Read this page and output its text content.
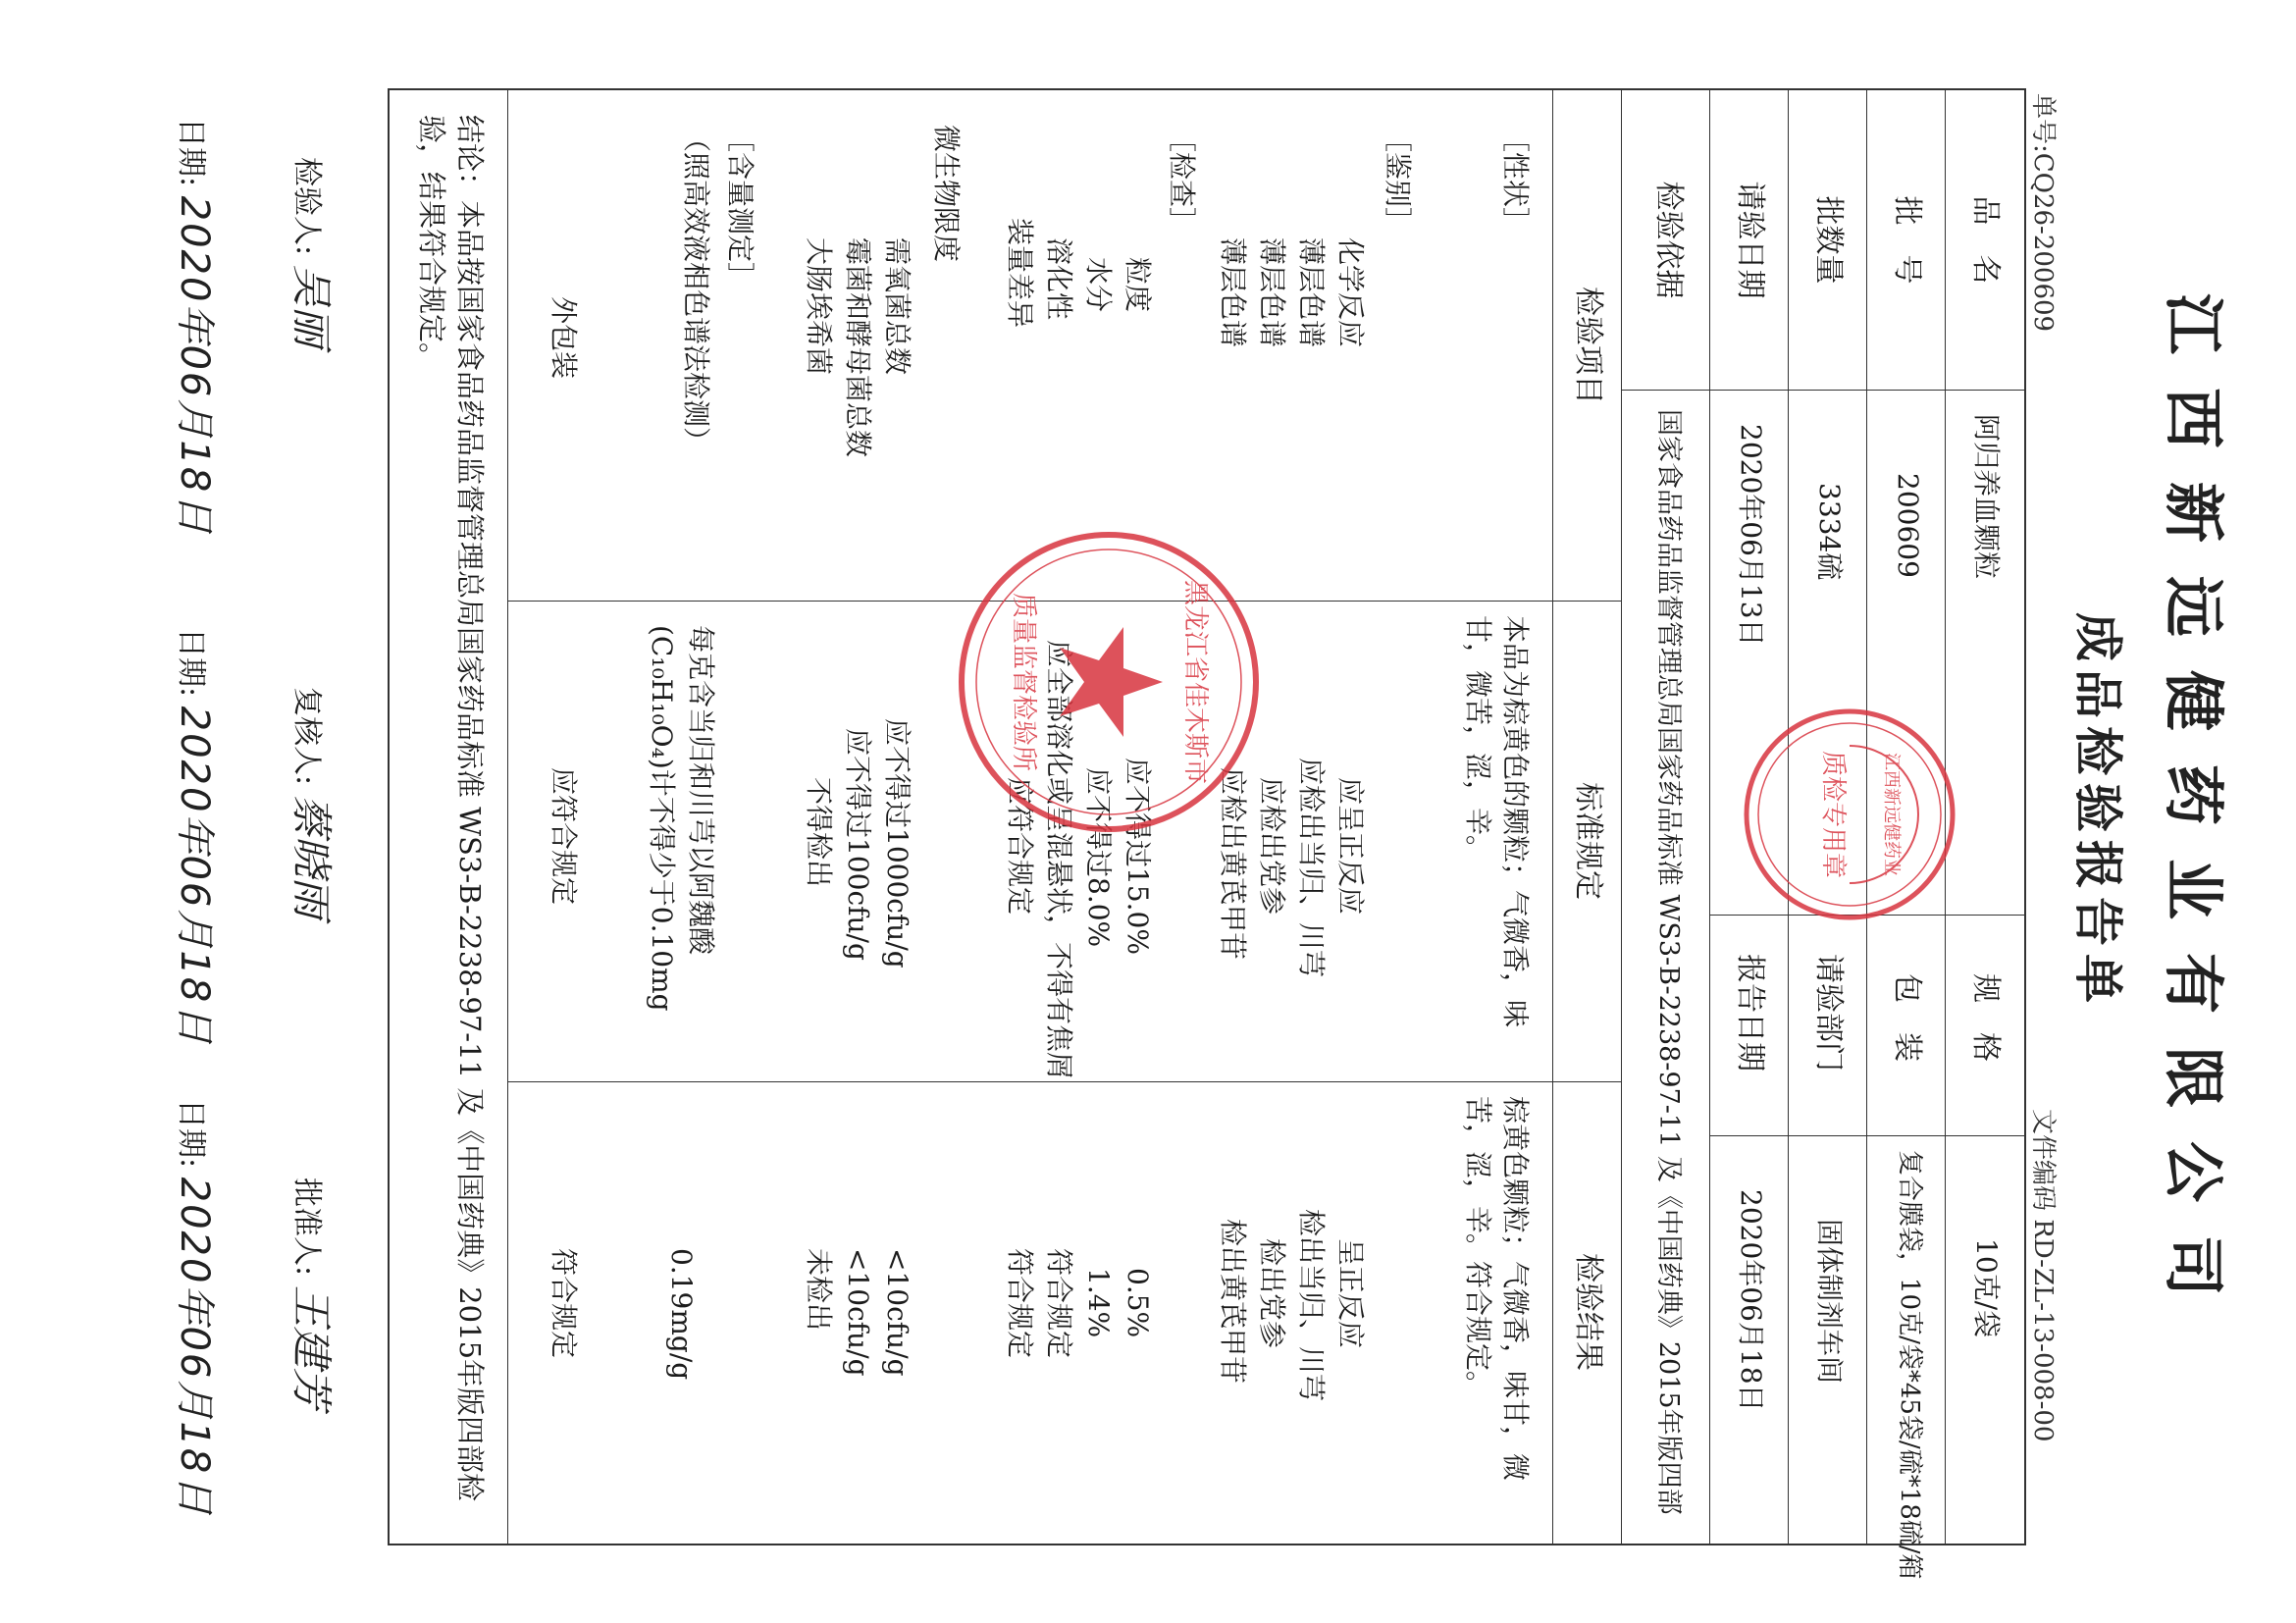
江西新远健药业有限公司
成品检验报告单
单号:CQ26-200609
文件编码 RD-ZL-13-008-00
品　名
阿归养血颗粒
规　格
10克/袋
批　号
200609
包　装
复合膜袋，10克/袋*45袋/硫*18硫/箱
批数量
3334硫
请验部门
固体制剂车间
请验日期
2020年06月13日
报告日期
2020年06月18日
检验依据
国家食品药品监督管理总局国家药品标准 WS3-B-2238-97-11 及《中国药典》2015年版四部
检验项目
标准规定
检验结果
［性状］
本品为棕黄色的颗粒；气微香，味甘，微苦，涩，辛。
棕黄色颗粒；气微香，味甘，微苦，涩，辛。符合规定。
［鉴别］
化学反应
应呈正反应
呈正反应
薄层色谱
应检出当归、川芎
检出当归、川芎
薄层色谱
应检出党参
检出党参
薄层色谱
应检出黄芪甲苷
检出黄芪甲苷
［检查］
粒度
应不得过15.0%
0.5%
水分
应不得过8.0%
1.4%
溶化性
应全部溶化或呈混悬状，不得有焦屑
符合规定
装量差异
应符合规定
符合规定
微生物限度
需氧菌总数
应不得过1000cfu/g
<10cfu/g
霉菌和酵母菌总数
应不得过100cfu/g
<10cfu/g
大肠埃希菌
不得检出
未检出
［含量测定］
（照高效液相色谱法检测）
每克含当归和川芎以阿魏酸
(C₁₀H₁₀O₄)计不得少于0.10mg
0.19mg/g
外包装
应符合规定
符合规定
结论：本品按国家食品药品监督管理总局国家药品标准 WS3-B-2238-97-11 及《中国药典》2015年版四部检验，结果符合规定。
检验人: 吴丽
复核人: 蔡晓雨
批准人: 王建芳
日期: 2020年06月18日
日期: 2020年06月18日
日期: 2020年06月18日
质检专用章 江西新远健药业
黑龙江省佳木斯市
质量监督检验所
